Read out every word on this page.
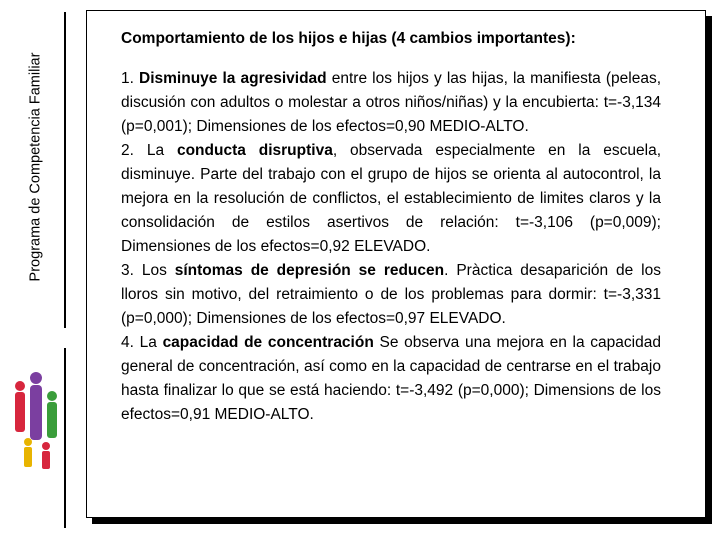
Programa de Competencia Familiar
Comportamiento de los hijos e hijas (4 cambios importantes):

1. Disminuye la agresividad entre los hijos y las hijas, la manifiesta (peleas, discusión con adultos o molestar a otros niños/niñas) y la encubierta: t=-3,134 (p=0,001); Dimensiones de los efectos=0,90 MEDIO-ALTO.

2. La conducta disruptiva, observada especialmente en la escuela, disminuye. Parte del trabajo con el grupo de hijos se orienta al autocontrol, la mejora en la resolución de conflictos, el establecimiento de limites claros y la consolidación de estilos asertivos de relación: t=-3,106 (p=0,009); Dimensiones de los efectos=0,92 ELEVADO.

3. Los síntomas de depresión se reducen. Pràctica desaparición de los lloros sin motivo, del retraimiento o de los problemas para dormir: t=-3,331 (p=0,000); Dimensiones de los efectos=0,97 ELEVADO.

4. La capacidad de concentración Se observa una mejora en la capacidad general de concentración, así como en la capacidad de centrarse en el trabajo hasta finalizar lo que se está haciendo: t=-3,492 (p=0,000); Dimensions de los efectos=0,91 MEDIO-ALTO.
